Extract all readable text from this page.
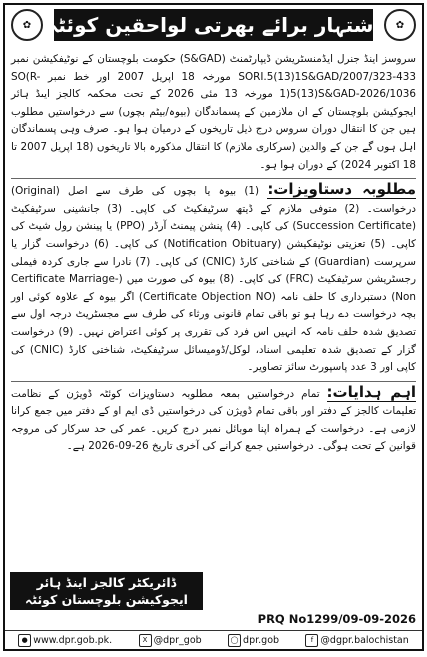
✿ اشتہار برائے بھرتی لواحقین کوئٹہ	✿

سروسز اینڈ جنرل ایڈمنسٹریشن ڈیپارٹمنٹ (S&GAD) حکومت بلوچستان کے نوٹیفکیشن نمبر SORI.5(13)1S&GAD/2007/323-433 مورخہ 18 اپریل 2007 اور خط نمبر SO(R-1)5(13)S&GAD-2026/1036 مورخہ 13 مئی 2026 کے تحت محکمہ کالجز ایںڈ ہائر ایجوکیشن بلوچستان کے ان ملازمین کے پسماندگان (بیوہ/بیٹم بچوں) سے درخواستیں مطلوب ہیں جن کا انتقال دوران سروس درج ذیل تاریخوں کے درمیان ہوا ہو۔ صرف وہی پسماندگان اہل ہوں گے جن کے والدین (سرکاری ملازم) کا انتقال مذکورہ بالا تاریخوں (18 اپریل 2007 تا 18 اکتوبر 2024) کے دوران ہوا ہو۔

مطلوبہ دستاویزات: (1) بیوہ یا بچوں کی طرف سے اصل (Original) درخواست۔ (2) متوفی ملازم کے ڈیتھ سرٹیفکیٹ کی کاپی۔ (3) جانشینی سرٹیفکیٹ (Succession Certificate) کی کاپی۔ (4) پنشن پیمنٹ آرڈر (PPO) یا پینشن رول شیٹ کی کاپی۔ (5) تعزیتی نوٹیفکیشن (Notification Obituary) کی کاپی۔ (6) درخواست گزار یا سرپرست (Guardian) کے شناختی کارڈ (CNIC) کی کاپی۔ (7) نادرا سے جاری کردہ فیملی رجسٹریشن سرٹیفکیٹ (FRC) کی کاپی۔ (8) بیوہ کی صورت میں (Certificate Marriage-Non) دستبرداری کا حلف نامہ (Certificate Objection NO) اگر بیوہ کے علاوہ کوئی اور بچہ درخواست دے رہا ہو تو باقی تمام قانونی ورثاء کی طرف سے مجسٹریٹ درجہ اول سے تصدیق شدہ حلف نامہ کہ انہیں اس فرد کی تقرری پر کوئی اعتراض نہیں۔ (9) درخواست گزار کے تصدیق شدہ تعلیمی اسناد، لوکل/ڈومیسائل سرٹیفکیٹ، شناختی کارڈ (CNIC) کی کاپی اور 3 عدد پاسپورٹ سائز تصاویر۔

اہم ہدایات: تمام درخواستیں بمعہ مطلوبہ دستاویزات کوئٹہ ڈویژن کے نظامت تعلیمات کالجز کے دفتر اور باقی تمام ڈویژن کی درخواستیں ڈی ایم او کے دفتر میں جمع کرانا لازمی ہے۔ درخواست کے ہمراہ اپنا موبائل نمبر درج کریں۔ عمر کی حد سرکار کی مروجہ قوانین کے تحت ہوگی۔ درخواستیں جمع کرانے کی آخری تاریخ 26-09-2026 ہے۔

ڈائریکٹر کالجز اینڈ ہائر
ایجوکیشن بلوچستان کوئٹہ
PRQ No1299/09-09-2026
● www.dpr.gob.pk.	X @dpr_gob	◯ dpr.gob	f @dgpr.balochistan
